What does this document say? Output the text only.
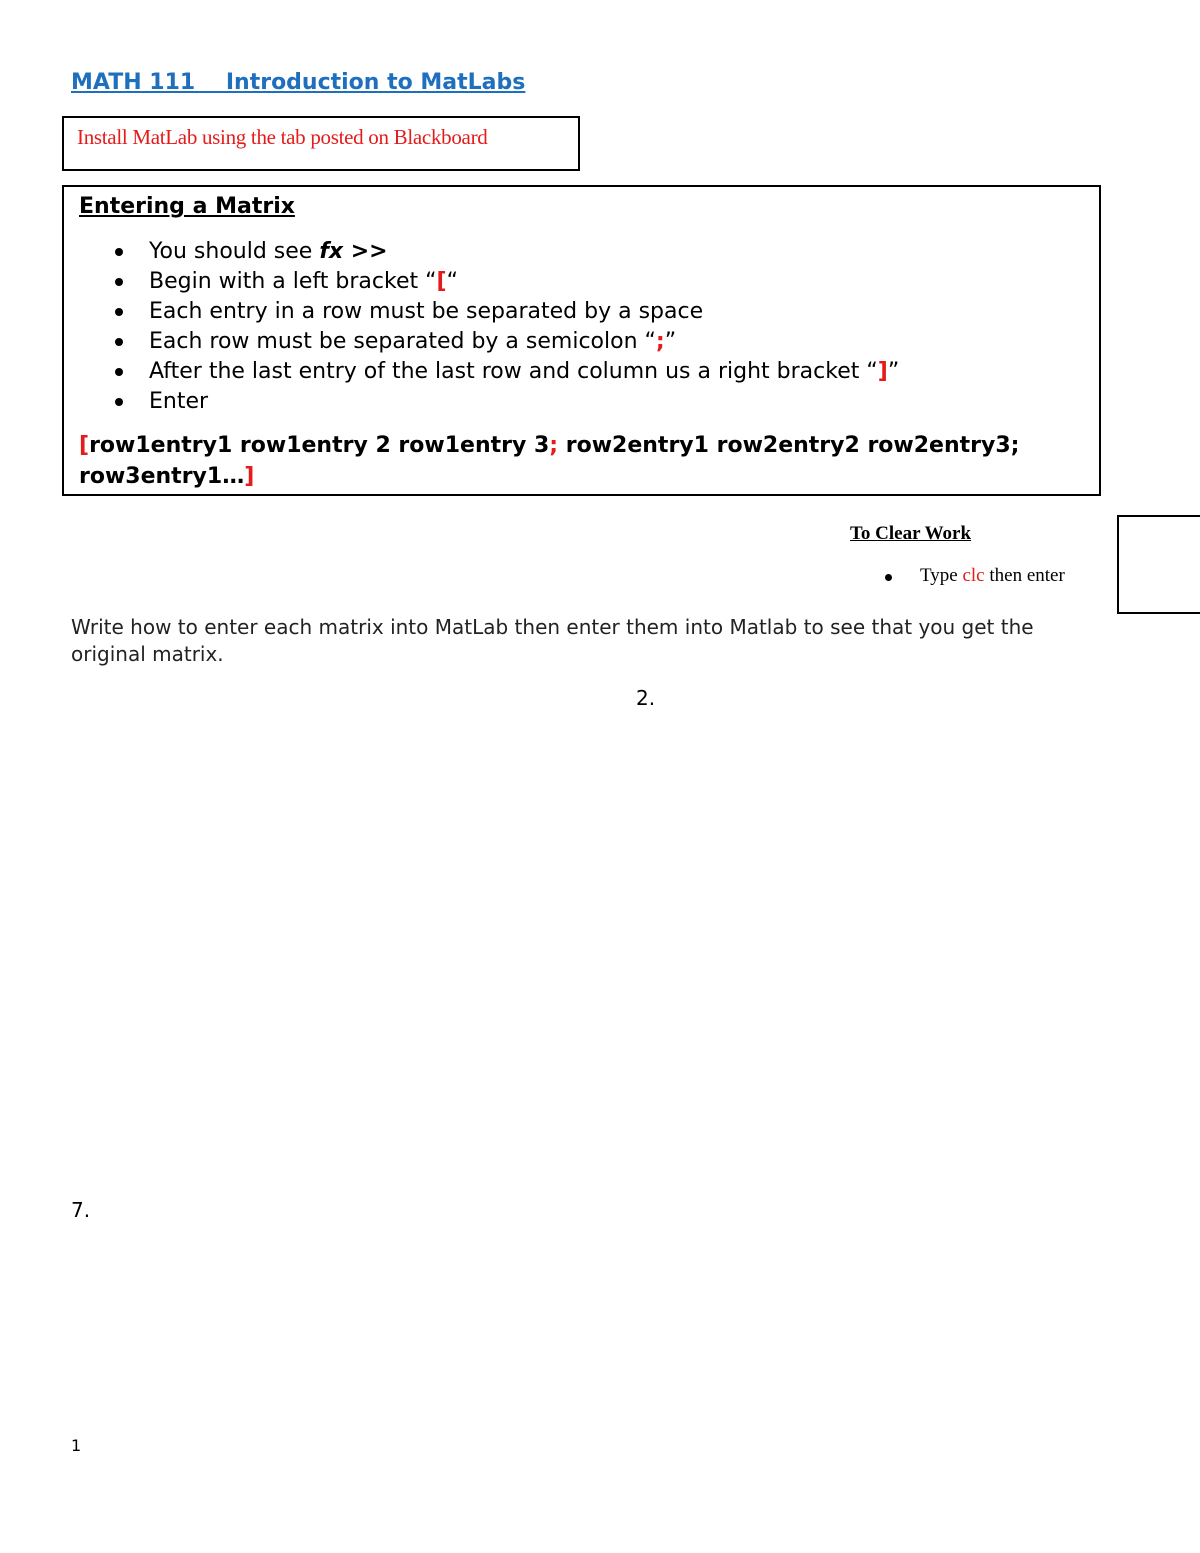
MATH 111    Introduction to MatLabs
Install MatLab using the tab posted on Blackboard
Entering a Matrix
You should see fx >>
Begin with a left bracket “[“
Each entry in a row must be separated by a space
Each row must be separated by a semicolon “;”
After the last entry of the last row and column us a right bracket “]”
Enter
[row1entry1 row1entry 2 row1entry 3; row2entry1 row2entry2 row2entry3; row3entry1…]
To Clear Work
Type clc then enter
Write how to enter each matrix into MatLab then enter them into Matlab to see that you get the original matrix.
2.
7.
1
